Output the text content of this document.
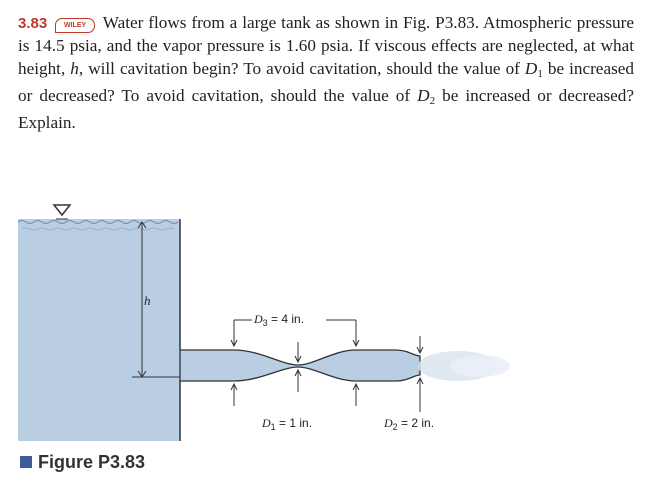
3.83 WILEY Water flows from a large tank as shown in Fig. P3.83. Atmospheric pressure is 14.5 psia, and the vapor pressure is 1.60 psia. If viscous effects are neglected, at what height, h, will cavitation begin? To avoid cavitation, should the value of $D_1$ be increased or decreased? To avoid cavitation, should the value of $D_2$ be increased or decreased? Explain.
h
$D_3 = 4$ in.
$D_1 = 1$ in.	$D_2 = 2$ in.
Figure P3.83
